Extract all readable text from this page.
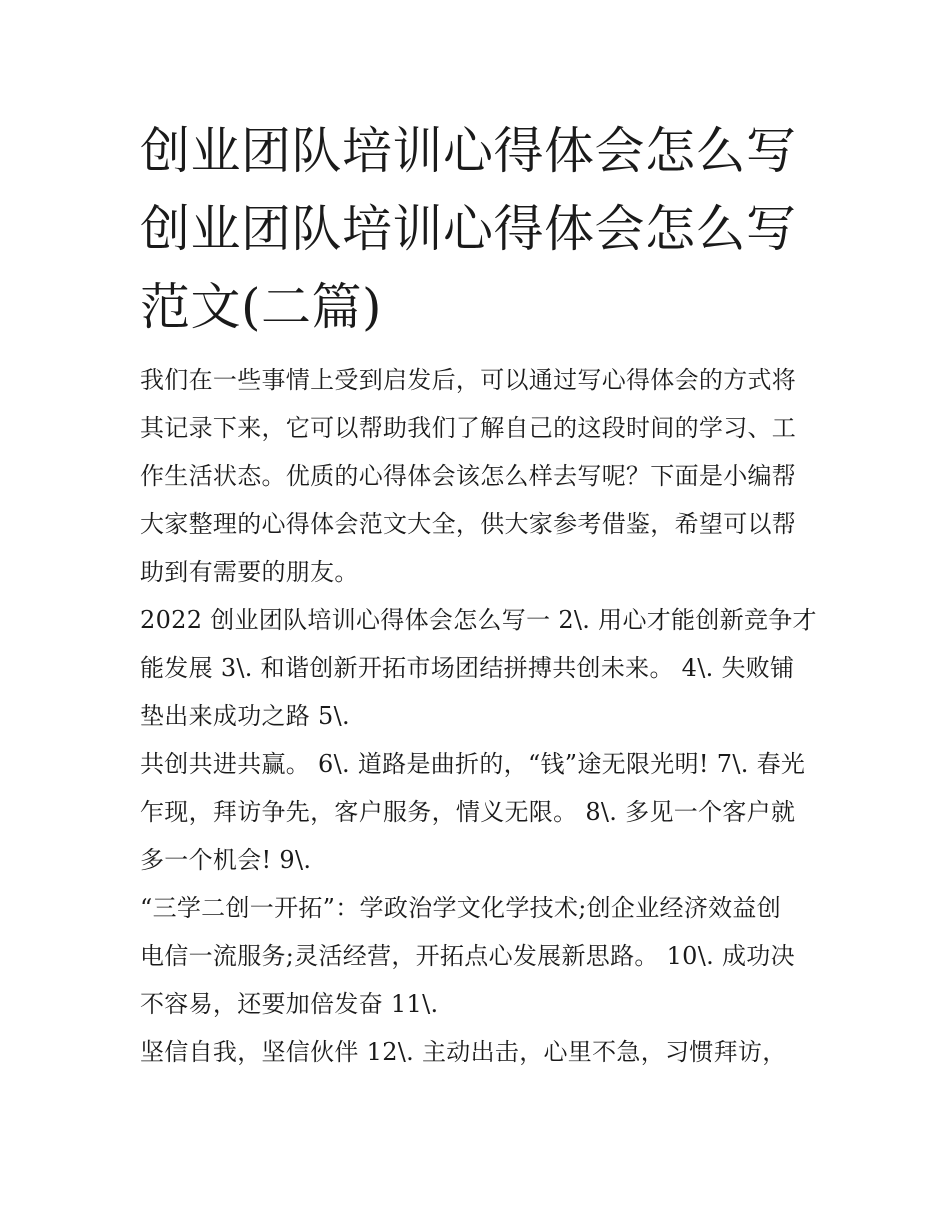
创业团队培训心得体会怎么写
创业团队培训心得体会怎么写
范文(二篇)

我们在一些事情上受到启发后，可以通过写心得体会的方式将
其记录下来，它可以帮助我们了解自己的这段时间的学习、工
作生活状态。优质的心得体会该怎么样去写呢？下面是小编帮
大家整理的心得体会范文大全，供大家参考借鉴，希望可以帮
助到有需要的朋友。

2022 创业团队培训心得体会怎么写一 2\. 用心才能创新竞争才
能发展 3\. 和谐创新开拓市场团结拼搏共创未来。 4\. 失败铺
垫出来成功之路 5\.

共创共进共赢。 6\. 道路是曲折的，“钱”途无限光明! 7\. 春光
乍现，拜访争先，客户服务，情义无限。 8\. 多见一个客户就
多一个机会! 9\.

“三学二创一开拓”：学政治学文化学技术;创企业经济效益创
电信一流服务;灵活经营，开拓点心发展新思路。 10\. 成功决
不容易，还要加倍发奋 11\.

坚信自我，坚信伙伴 12\. 主动出击，心里不急，习惯拜访，
